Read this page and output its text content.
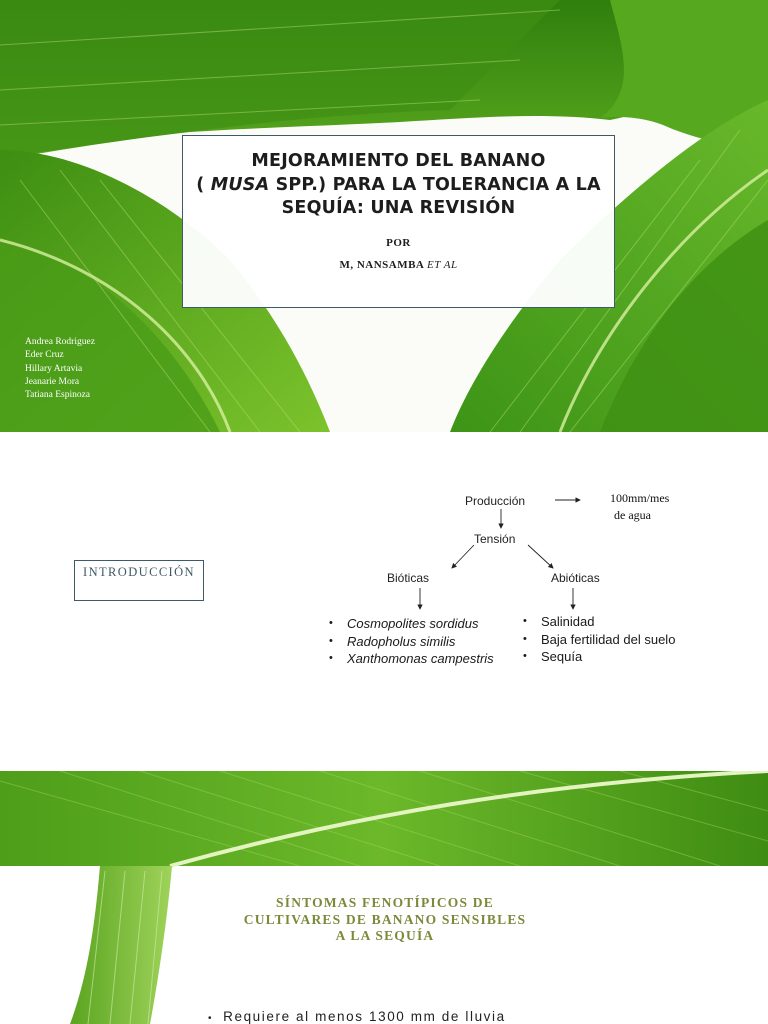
MEJORAMIENTO DEL BANANO
( MUSA SPP.) PARA LA TOLERANCIA A LA
SEQUÍA: UNA REVISIÓN
POR
M, NANSAMBA ET AL
Andrea Rodriguez
Eder Cruz
Hillary Artavia
Jeanarie Mora
Tatiana Espinoza
INTRODUCCIÓN
Producción	100mm/mes
de agua
Tensión
Bióticas	Abióticas
• Cosmopolites sordidus
• Radopholus similis
• Xanthomonas campestris
• Salinidad
• Baja fertilidad del suelo
• Sequía
SÍNTOMAS FENOTÍPICOS DE
CULTIVARES DE BANANO SENSIBLES
A LA SEQUÍA
• Requiere al menos 1300 mm de lluvia
